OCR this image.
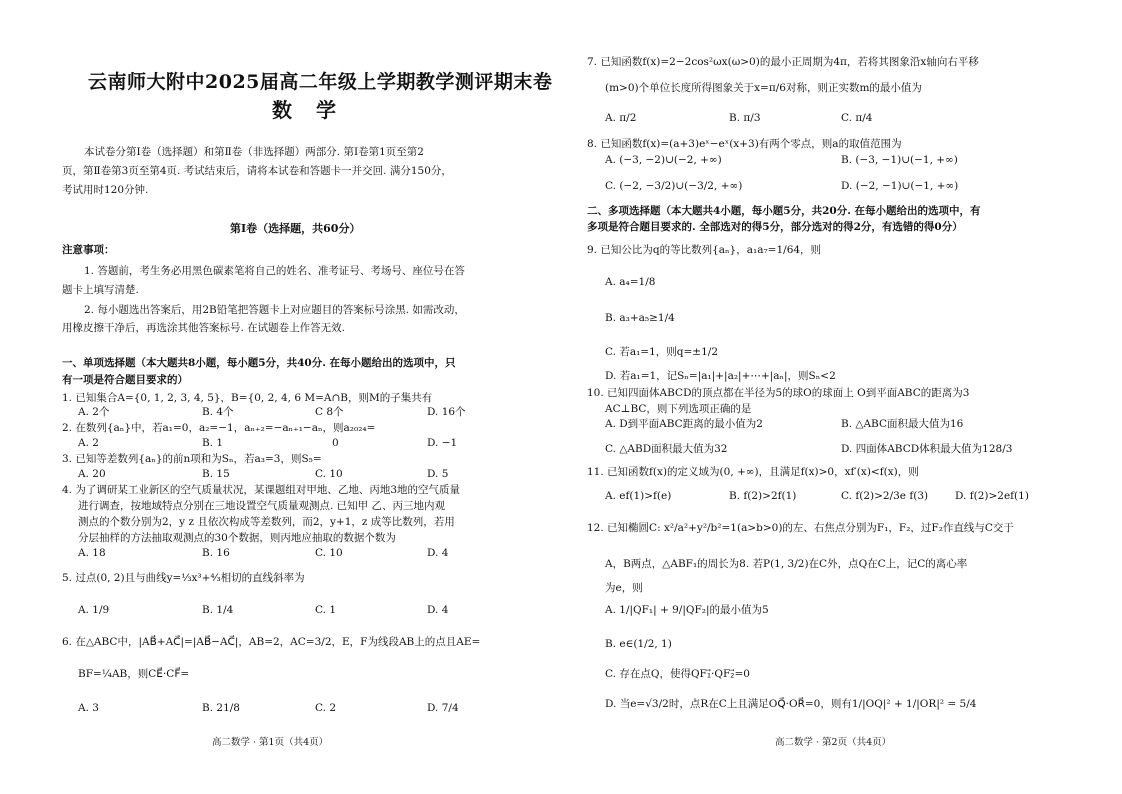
云南师大附中2025届高二年级上学期教学测评期末卷
数学
本试卷分第Ⅰ卷（选择题）和第Ⅱ卷（非选择题）两部分. 第Ⅰ卷第1页至第2
页，第Ⅱ卷第3页至第4页. 考试结束后，请将本试卷和答题卡一并交回. 满分150分，
考试用时120分钟.
第Ⅰ卷（选择题，共60分）
注意事项：
1. 答题前，考生务必用黑色碳素笔将自己的姓名、准考证号、考场号、座位号在答
题卡上填写清楚.
2. 每小题选出答案后，用2B铅笔把答题卡上对应题目的答案标号涂黑. 如需改动，
用橡皮擦干净后，再选涂其他答案标号. 在试题卷上作答无效.
一、单项选择题（本大题共8小题，每小题5分，共40分. 在每小题给出的选项中，只
有一项是符合题目要求的）
1. 已知集合A={0, 1, 2, 3, 4, 5}，B={0, 2, 4, 6 M=A∩B，则M的子集共有
A. 2个	B. 4个	C 8个	D. 16个
2. 在数列{aₙ}中，若a₁=0，a₂=−1，aₙ₊₂=−aₙ₊₁−aₙ，则a₂₀₂₄=
A. 2	B. 1	0	D. −1
3. 已知等差数列{aₙ}的前n项和为Sₙ，若a₃=3，则S₅=
A. 20	B. 15	C. 10	D. 5
4. 为了调研某工业新区的空气质量状况，某课题组对甲地、乙地、丙地3地的空气质量
进行调查，按地域特点分别在三地设置空气质量观测点. 已知甲 乙、丙三地内观
测点的个数分别为2，y z 且依次构成等差数列，而2，y+1，z 成等比数列，若用
分层抽样的方法抽取观测点的30个数据，则丙地应抽取的数据个数为
A. 18	B. 16	C. 10	D. 4
5. 过点(0, 2)且与曲线y=⅓x³+⁴⁄₃相切的直线斜率为
A. 1/9	B. 1/4	C. 1	D. 4
6. 在△ABC中，|AB⃗+AC⃗|=|AB⃗−AC⃗|，AB=2，AC=3/2，E，F为线段AB上的点且AE=
BF=¼AB，则CE⃗·CF⃗=
A. 3	B. 21/8	C. 2	D. 7/4
高二数学 · 第1页（共4页）
7. 已知函数f(x)=2−2cos²ωx(ω>0)的最小正周期为4π，若将其图象沿x轴向右平移
(m>0)个单位长度所得图象关于x=π/6对称，则正实数m的最小值为
A. π/2	B. π/3	C. π/4
8. 已知函数f(x)=(a+3)eˣ−eˣ(x+3)有两个零点，则a的取值范围为
A. (−3, −2)∪(−2, +∞)	B. (−3, −1)∪(−1, +∞)
C. (−2, −3/2)∪(−3/2, +∞)	D. (−2, −1)∪(−1, +∞)
二、多项选择题（本大题共4小题，每小题5分，共20分. 在每小题给出的选项中，有
多项是符合题目要求的. 全部选对的得5分，部分选对的得2分，有选错的得0分）
9. 已知公比为q的等比数列{aₙ}，a₁a₇=1/64，则
A. a₄=1/8
B. a₃+a₅≥1/4
C. 若a₁=1，则q=±1/2
D. 若a₁=1，记Sₙ=|a₁|+|a₂|+⋯+|aₙ|，则Sₙ<2
10. 已知四面体ABCD的顶点都在半径为5的球O的球面上 O到平面ABC的距离为3
AC⊥BC，则下列选项正确的是
A. D到平面ABC距离的最小值为2	B. △ABC面积最大值为16
C. △ABD面积最大值为32	D. 四面体ABCD体积最大值为128/3
11. 已知函数f(x)的定义域为(0, +∞)，且满足f(x)>0，xf′(x)<f(x)，则
A. ef(1)>f(e)	B. f(2)>2f(1)	C. f(2)>2/3e f(3)	D. f(2)>2ef(1)
12. 已知椭圆C: x²/a²+y²/b²=1(a>b>0)的左、右焦点分别为F₁，F₂，过F₂作直线与C交于
A，B两点，△ABF₁的周长为8. 若P(1, 3/2)在C外，点Q在C上，记C的离心率
为e，则
A. 1/|QF₁| + 9/|QF₂|的最小值为5
B. e∈(1/2, 1)
C. 存在点Q，使得QF₁⃗·QF₂⃗=0
D. 当e=√3/2时，点R在C上且满足OQ⃗·OR⃗=0，则有1/|OQ|² + 1/|OR|² = 5/4
高二数学 · 第2页（共4页）
